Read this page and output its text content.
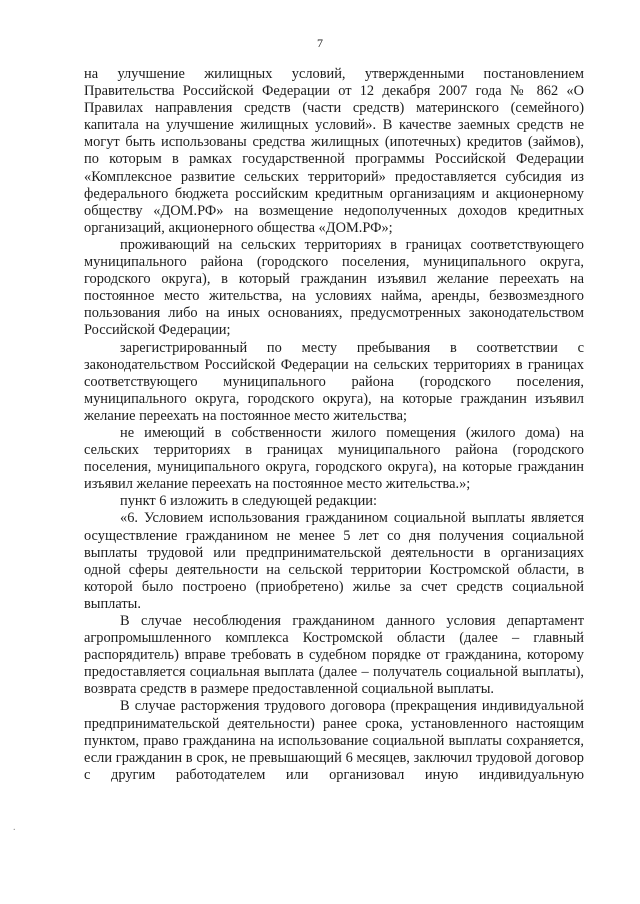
7

на улучшение жилищных условий, утвержденными постановлением Правительства Российской Федерации от 12 декабря 2007 года № 862 «О Правилах направления средств (части средств) материнского (семейного) капитала на улучшение жилищных условий». В качестве заемных средств не могут быть использованы средства жилищных (ипотечных) кредитов (займов), по которым в рамках государственной программы Российской Федерации «Комплексное развитие сельских территорий» предоставляется субсидия из федерального бюджета российским кредитным организациям и акционерному обществу «ДОМ.РФ» на возмещение недополученных доходов кредитных организаций, акционерного общества «ДОМ.РФ»;

проживающий на сельских территориях в границах соответствующего муниципального района (городского поселения, муниципального округа, городского округа), в который гражданин изъявил желание переехать на постоянное место жительства, на условиях найма, аренды, безвозмездного пользования либо на иных основаниях, предусмотренных законодательством Российской Федерации;

зарегистрированный по месту пребывания в соответствии с законодательством Российской Федерации на сельских территориях в границах соответствующего муниципального района (городского поселения, муниципального округа, городского округа), на которые гражданин изъявил желание переехать на постоянное место жительства;

не имеющий в собственности жилого помещения (жилого дома) на сельских территориях в границах муниципального района (городского поселения, муниципального округа, городского округа), на которые гражданин изъявил желание переехать на постоянное место жительства.»;

пункт 6 изложить в следующей редакции:

«6. Условием использования гражданином социальной выплаты является осуществление гражданином не менее 5 лет со дня получения социальной выплаты трудовой или предпринимательской деятельности в организациях одной сферы деятельности на сельской территории Костромской области, в которой было построено (приобретено) жилье за счет средств социальной выплаты.

В случае несоблюдения гражданином данного условия департамент агропромышленного комплекса Костромской области (далее – главный распорядитель) вправе требовать в судебном порядке от гражданина, которому предоставляется социальная выплата (далее – получатель социальной выплаты), возврата средств в размере предоставленной социальной выплаты.

В случае расторжения трудового договора (прекращения индивидуальной предпринимательской деятельности) ранее срока, установленного настоящим пунктом, право гражданина на использование социальной выплаты сохраняется, если гражданин в срок, не превышающий 6 месяцев, заключил трудовой договор с другим работодателем или организовал иную индивидуальную

.
